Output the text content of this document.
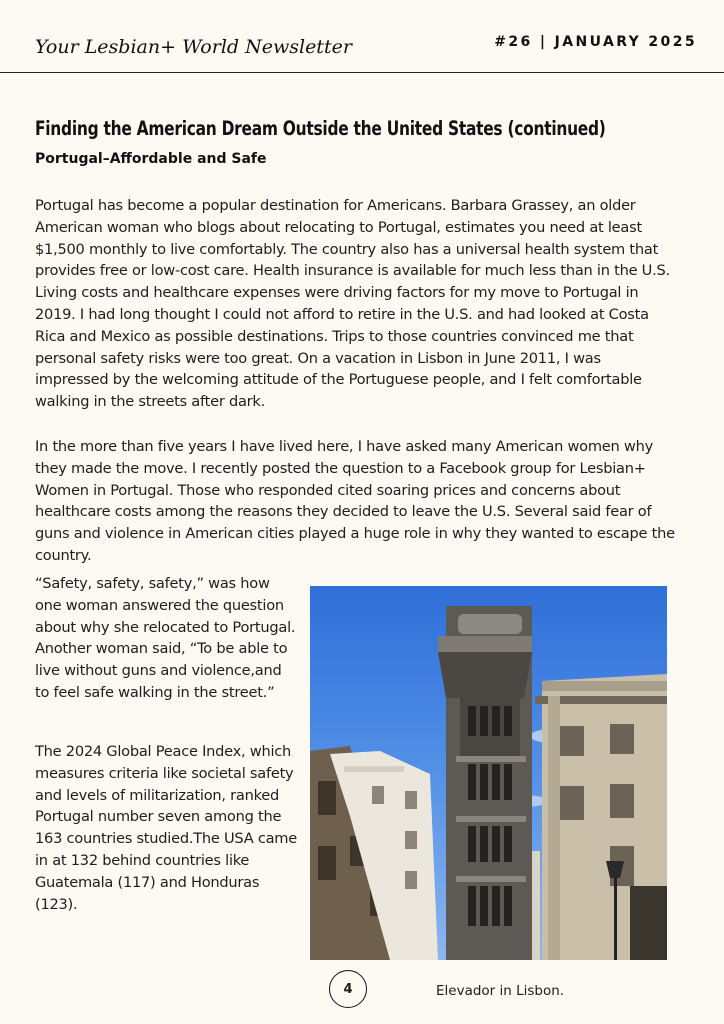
Your Lesbian+ World Newsletter	#26 | JANUARY 2025
Finding the American Dream Outside the United States (continued)
Portugal–Affordable and Safe

Portugal has become a popular destination for Americans. Barbara Grassey, an older American woman who blogs about relocating to Portugal, estimates you need at least $1,500 monthly to live comfortably. The country also has a universal health system that provides free or low-cost care. Health insurance is available for much less than in the U.S. Living costs and healthcare expenses were driving factors for my move to Portugal in 2019. I had long thought I could not afford to retire in the U.S. and had looked at Costa Rica and Mexico as possible destinations. Trips to those countries convinced me that personal safety risks were too great. On a vacation in Lisbon in June 2011, I was impressed by the welcoming attitude of the Portuguese people, and I felt comfortable walking in the streets after dark.

In the more than five years I have lived here, I have asked many American women why they made the move. I recently posted the question to a Facebook group for Lesbian+ Women in Portugal. Those who responded cited soaring prices and concerns about healthcare costs among the reasons they decided to leave the U.S. Several said fear of guns and violence in American cities played a huge role in why they wanted to escape the country.

“Safety, safety, safety,” was how one woman answered the question about why she relocated to Portugal. Another woman said, “To be able to live without guns and violence,and to feel safe walking in the street.”

The 2024 Global Peace Index, which measures criteria like societal safety and levels of militarization, ranked Portugal number seven among the 163 countries studied.The USA came in at 132 behind countries like Guatemala (117) and Honduras (123).

4	Elevador in Lisbon.
